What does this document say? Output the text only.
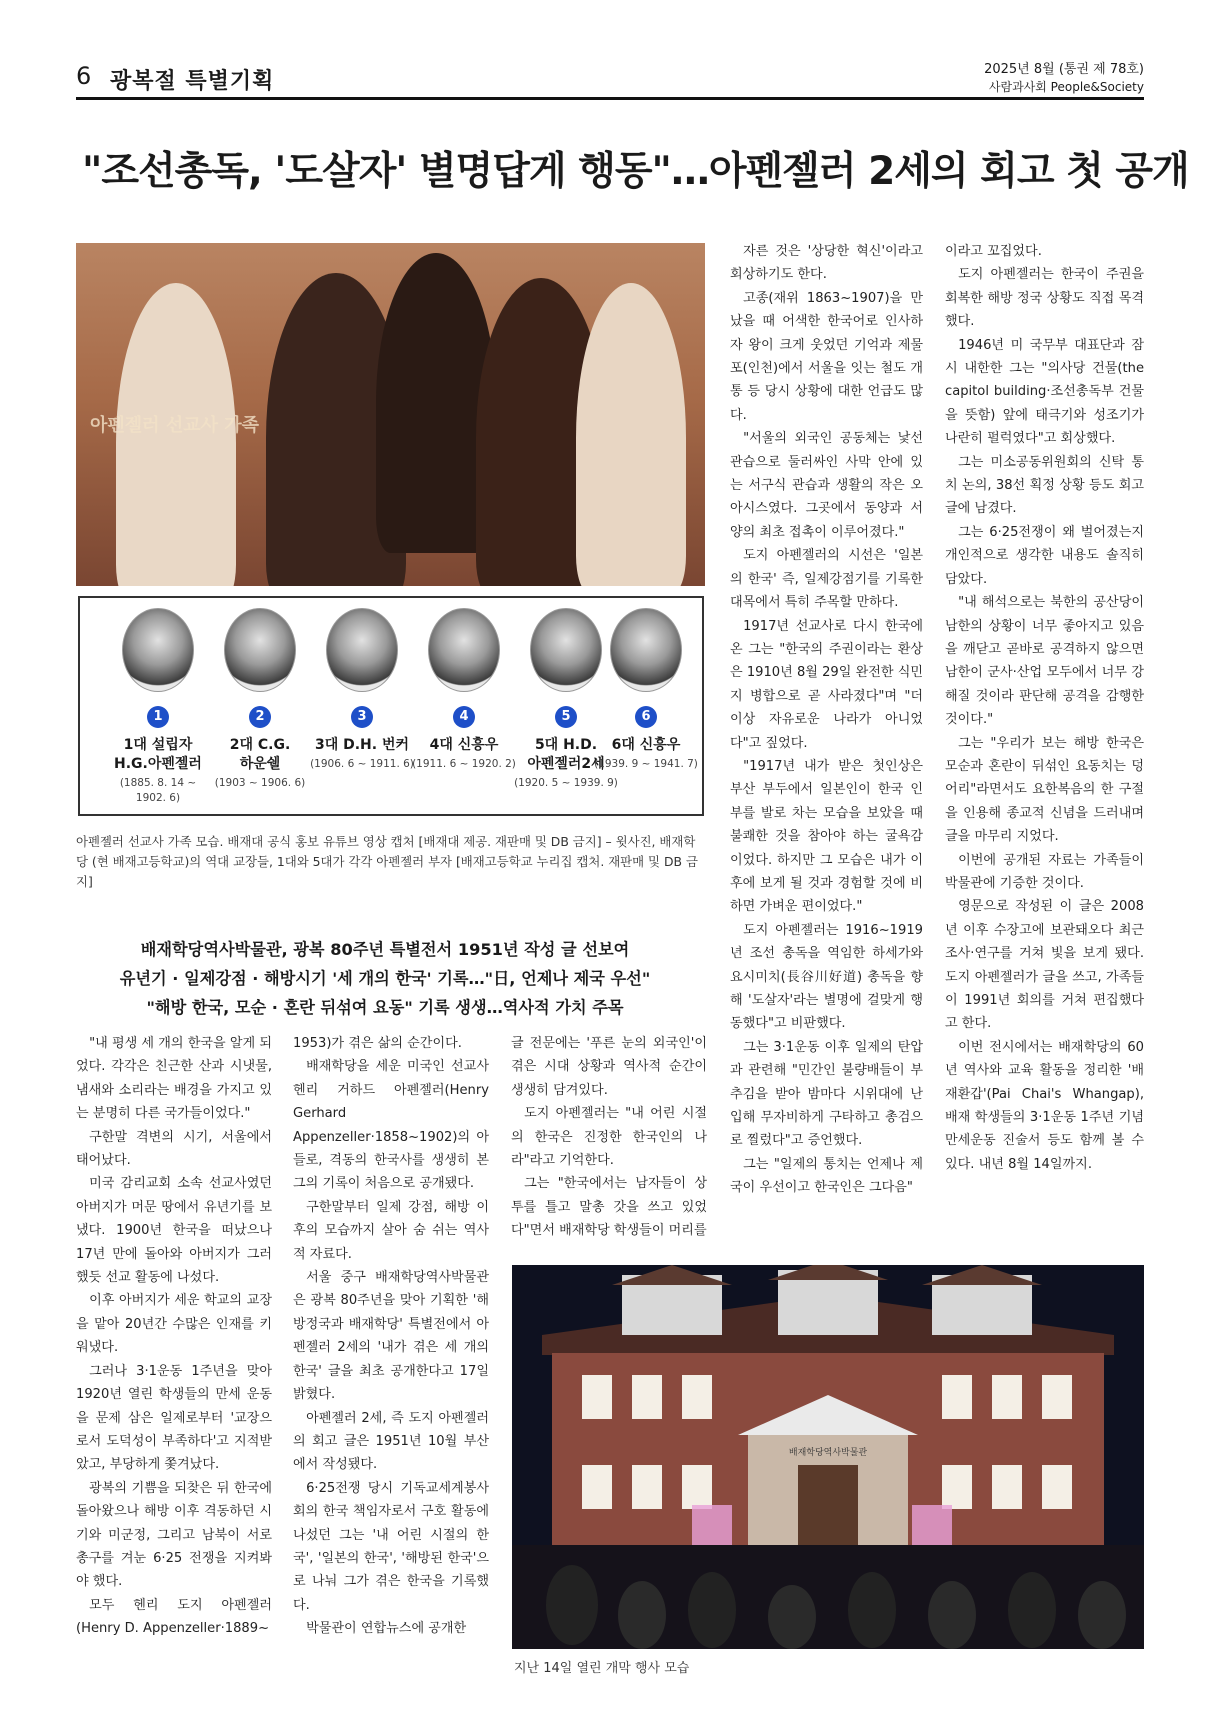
6 광복절 특별기획	2025년 8월 (통권 제 78호)
사람과사회 People&Society
"조선총독, '도살자' 별명답게 행동"…아펜젤러 2세의 회고 첫 공개
아펜젤러 선교사 가족
1
1대 설립자
H.G.아펜젤러
(1885. 8. 14 ~ 1902. 6)
2
2대 C.G.
하운쉘
(1903 ~ 1906. 6)
3
3대 D.H. 번커
(1906. 6 ~ 1911. 6)
4
4대 신흥우
(1911. 6 ~ 1920. 2)
5
5대 H.D.
아펜젤러2세
(1920. 5 ~ 1939. 9)
6
6대 신흥우
(1939. 9 ~ 1941. 7)
아펜젤러 선교사 가족 모습. 배재대 공식 홍보 유튜브 영상 캡처 [배재대 제공. 재판매 및 DB 금지] – 윗사진, 배재학당 (현 배재고등학교)의 역대 교장들, 1대와 5대가 각각 아펜젤러 부자 [배재고등학교 누리집 캡처. 재판매 및 DB 금지]
배재학당역사박물관, 광복 80주년 특별전서 1951년 작성 글 선보여
유년기 · 일제강점 · 해방시기 '세 개의 한국' 기록…"日, 언제나 제국 우선"
"해방 한국, 모순 · 혼란 뒤섞여 요동" 기록 생생…역사적 가치 주목

자른 것은 '상당한 혁신'이라고 회상하기도 한다.

고종(재위 1863~1907)을 만났을 때 어색한 한국어로 인사하자 왕이 크게 웃었던 기억과 제물포(인천)에서 서울을 잇는 철도 개통 등 당시 상황에 대한 언급도 많다.

"서울의 외국인 공동체는 낯선 관습으로 둘러싸인 사막 안에 있는 서구식 관습과 생활의 작은 오아시스였다. 그곳에서 동양과 서양의 최초 접촉이 이루어졌다."

도지 아펜젤러의 시선은 '일본의 한국' 즉, 일제강점기를 기록한 대목에서 특히 주목할 만하다.

1917년 선교사로 다시 한국에 온 그는 "한국의 주권이라는 환상은 1910년 8월 29일 완전한 식민지 병합으로 곧 사라졌다"며 "더 이상 자유로운 나라가 아니었다"고 짚었다.

"1917년 내가 받은 첫인상은 부산 부두에서 일본인이 한국 인부를 발로 차는 모습을 보았을 때 불쾌한 것을 참아야 하는 굴욕감이었다. 하지만 그 모습은 내가 이후에 보게 될 것과 경험할 것에 비하면 가벼운 편이었다."

도지 아펜젤러는 1916~1919년 조선 총독을 역임한 하세가와 요시미치(長谷川好道) 총독을 향해 '도살자'라는 별명에 걸맞게 행동했다"고 비판했다.

그는 3·1운동 이후 일제의 탄압과 관련해 "민간인 불량배들이 부추김을 받아 밤마다 시위대에 난입해 무자비하게 구타하고 총검으로 찔렀다"고 증언했다.

그는 "일제의 통치는 언제나 제국이 우선이고 한국인은 그다음"

이라고 꼬집었다.

도지 아펜젤러는 한국이 주권을 회복한 해방 정국 상황도 직접 목격했다.

1946년 미 국무부 대표단과 잠시 내한한 그는 "의사당 건물(the capitol building·조선총독부 건물을 뜻함) 앞에 태극기와 성조기가 나란히 펄럭였다"고 회상했다.

그는 미소공동위원회의 신탁 통치 논의, 38선 획정 상황 등도 회고 글에 남겼다.

그는 6·25전쟁이 왜 벌어졌는지 개인적으로 생각한 내용도 솔직히 담았다.

"내 해석으로는 북한의 공산당이 남한의 상황이 너무 좋아지고 있음을 깨닫고 곧바로 공격하지 않으면 남한이 군사·산업 모두에서 너무 강해질 것이라 판단해 공격을 감행한 것이다."

그는 "우리가 보는 해방 한국은 모순과 혼란이 뒤섞인 요동치는 덩어리"라면서도 요한복음의 한 구절을 인용해 종교적 신념을 드러내며 글을 마무리 지었다.

이번에 공개된 자료는 가족들이 박물관에 기증한 것이다.

영문으로 작성된 이 글은 2008년 이후 수장고에 보관돼오다 최근 조사·연구를 거쳐 빛을 보게 됐다. 도지 아펜젤러가 글을 쓰고, 가족들이 1991년 회의를 거쳐 편집했다고 한다.

이번 전시에서는 배재학당의 60년 역사와 교육 활동을 정리한 '배재환갑'(Pai Chai's Whangap), 배재 학생들의 3·1운동 1주년 기념 만세운동 진술서 등도 함께 볼 수 있다. 내년 8월 14일까지.

"내 평생 세 개의 한국을 알게 되었다. 각각은 친근한 산과 시냇물, 냄새와 소리라는 배경을 가지고 있는 분명히 다른 국가들이었다."

구한말 격변의 시기, 서울에서 태어났다.

미국 감리교회 소속 선교사였던 아버지가 머문 땅에서 유년기를 보냈다. 1900년 한국을 떠났으나 17년 만에 돌아와 아버지가 그러했듯 선교 활동에 나섰다.

이후 아버지가 세운 학교의 교장을 맡아 20년간 수많은 인재를 키워냈다.

그러나 3·1운동 1주년을 맞아 1920년 열린 학생들의 만세 운동을 문제 삼은 일제로부터 '교장으로서 도덕성이 부족하다'고 지적받았고, 부당하게 쫓겨났다.

광복의 기쁨을 되찾은 뒤 한국에 돌아왔으나 해방 이후 격동하던 시기와 미군정, 그리고 남북이 서로 총구를 겨눈 6·25 전쟁을 지켜봐야 했다.

모두 헨리 도지 아펜젤러(Henry D. Appenzeller·1889~

1953)가 겪은 삶의 순간이다.

배재학당을 세운 미국인 선교사 헨리 거하드 아펜젤러(Henry Gerhard Appenzeller·1858~1902)의 아들로, 격동의 한국사를 생생히 본 그의 기록이 처음으로 공개됐다.

구한말부터 일제 강점, 해방 이후의 모습까지 살아 숨 쉬는 역사적 자료다.

서울 중구 배재학당역사박물관은 광복 80주년을 맞아 기획한 '해방정국과 배재학당' 특별전에서 아펜젤러 2세의 '내가 겪은 세 개의 한국' 글을 최초 공개한다고 17일 밝혔다.

아펜젤러 2세, 즉 도지 아펜젤러의 회고 글은 1951년 10월 부산에서 작성됐다.

6·25전쟁 당시 기독교세계봉사회의 한국 책임자로서 구호 활동에 나섰던 그는 '내 어린 시절의 한국', '일본의 한국', '해방된 한국'으로 나눠 그가 겪은 한국을 기록했다.

박물관이 연합뉴스에 공개한

글 전문에는 '푸른 눈의 외국인'이 겪은 시대 상황과 역사적 순간이 생생히 담겨있다.

도지 아펜젤러는 "내 어린 시절의 한국은 진정한 한국인의 나라"라고 기억한다.

그는 "한국에서는 남자들이 상투를 틀고 말총 갓을 쓰고 있었다"면서 배재학당 학생들이 머리를

배재학당역사박물관
지난 14일 열린 개막 행사 모습
